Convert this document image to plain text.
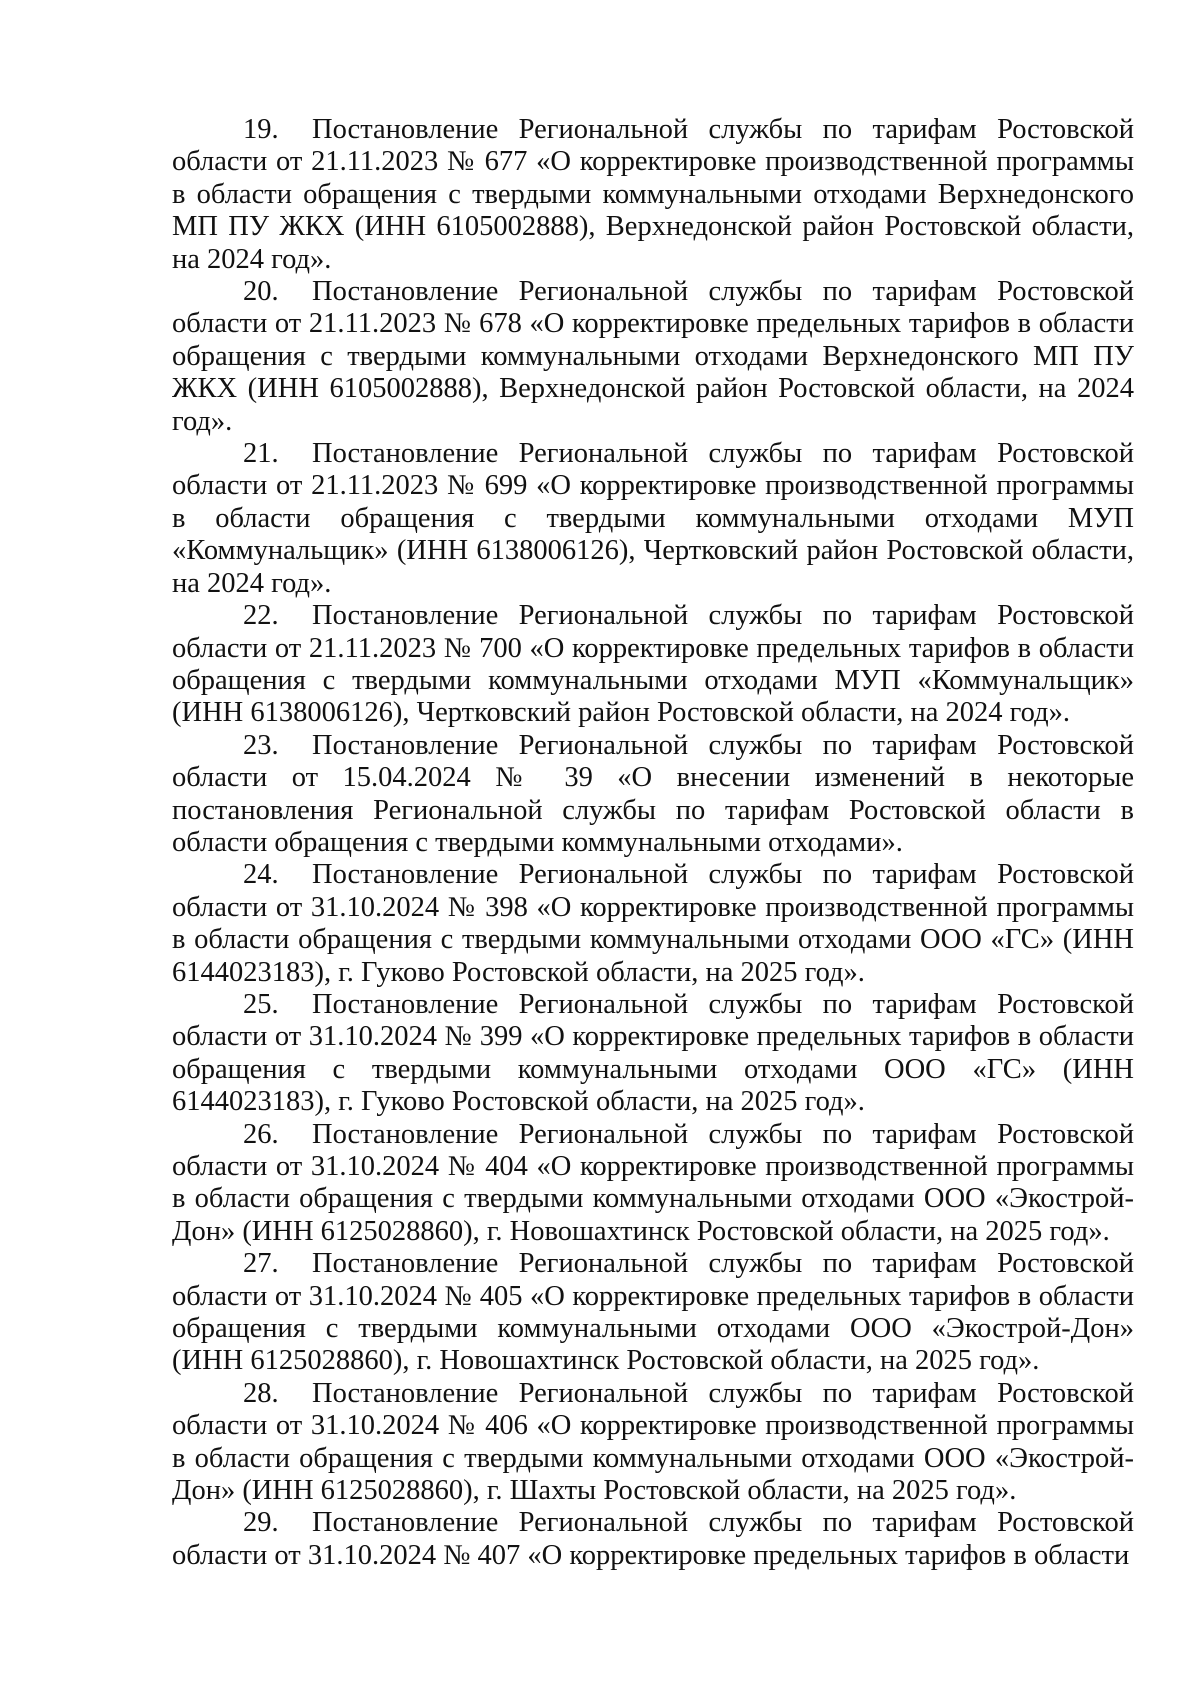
19. Постановление Региональной службы по тарифам Ростовской области от 21.11.2023 № 677 «О корректировке производственной программы в области обращения с твердыми коммунальными отходами Верхнедонского МП ПУ ЖКХ (ИНН 6105002888), Верхнедонской район Ростовской области, на 2024 год».

20. Постановление Региональной службы по тарифам Ростовской области от 21.11.2023 № 678 «О корректировке предельных тарифов в области обращения с твердыми коммунальными отходами Верхнедонского МП ПУ ЖКХ (ИНН 6105002888), Верхнедонской район Ростовской области, на 2024 год».

21. Постановление Региональной службы по тарифам Ростовской области от 21.11.2023 № 699 «О корректировке производственной программы в области обращения с твердыми коммунальными отходами МУП «Коммунальщик» (ИНН 6138006126), Чертковский район Ростовской области, на 2024 год».

22. Постановление Региональной службы по тарифам Ростовской области от 21.11.2023 № 700 «О корректировке предельных тарифов в области обращения с твердыми коммунальными отходами МУП «Коммунальщик» (ИНН 6138006126), Чертковский район Ростовской области, на 2024 год».

23. Постановление Региональной службы по тарифам Ростовской области от 15.04.2024 № 39 «О внесении изменений в некоторые постановления Региональной службы по тарифам Ростовской области в области обращения с твердыми коммунальными отходами».

24. Постановление Региональной службы по тарифам Ростовской области от 31.10.2024 № 398 «О корректировке производственной программы в области обращения с твердыми коммунальными отходами ООО «ГС» (ИНН 6144023183), г. Гуково Ростовской области, на 2025 год».

25. Постановление Региональной службы по тарифам Ростовской области от 31.10.2024 № 399 «О корректировке предельных тарифов в области обращения с твердыми коммунальными отходами ООО «ГС» (ИНН 6144023183), г. Гуково Ростовской области, на 2025 год».

26. Постановление Региональной службы по тарифам Ростовской области от 31.10.2024 № 404 «О корректировке производственной программы в области обращения с твердыми коммунальными отходами ООО «Экострой-Дон» (ИНН 6125028860), г. Новошахтинск Ростовской области, на 2025 год».

27. Постановление Региональной службы по тарифам Ростовской области от 31.10.2024 № 405 «О корректировке предельных тарифов в области обращения с твердыми коммунальными отходами ООО «Экострой-Дон» (ИНН 6125028860), г. Новошахтинск Ростовской области, на 2025 год».

28. Постановление Региональной службы по тарифам Ростовской области от 31.10.2024 № 406 «О корректировке производственной программы в области обращения с твердыми коммунальными отходами ООО «Экострой-Дон» (ИНН 6125028860), г. Шахты Ростовской области, на 2025 год».

29. Постановление Региональной службы по тарифам Ростовской области от 31.10.2024 № 407 «О корректировке предельных тарифов в области
